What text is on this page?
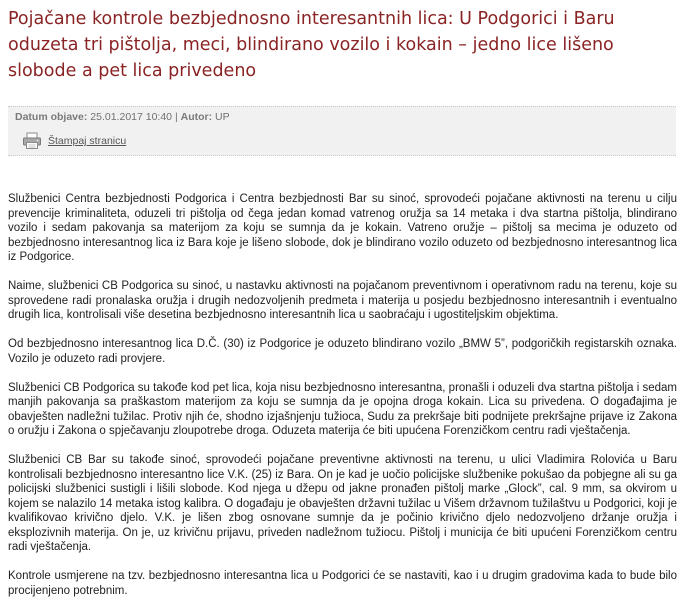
Pojačane kontrole bezbjednosno interesantnih lica: U Podgorici i Baru oduzeta tri pištolja, meci, blindirano vozilo i kokain – jedno lice lišeno slobode a pet lica privedeno
Datum objave: 25.01.2017 10:40 | Autor: UP
Štampaj stranicu

Službenici Centra bezbjednosti Podgorica i Centra bezbjednosti Bar su sinoć, sprovodeći pojačane aktivnosti na terenu u cilju prevencije kriminaliteta, oduzeli tri pištolja od čega jedan komad vatrenog oružja sa 14 metaka i dva startna pištolja, blindirano vozilo i sedam pakovanja sa materijom za koju se sumnja da je kokain. Vatreno oružje – pištolj sa mecima je oduzeto od bezbjednosno interesantnog lica iz Bara koje je lišeno slobode, dok je blindirano vozilo oduzeto od bezbjednosno interesantnog lica iz Podgorice.

Naime, službenici CB Podgorica su sinoć, u nastavku aktivnosti na pojačanom preventivnom i operativnom radu na terenu, koje su sprovedene radi pronalaska oružja i drugih nedozvoljenih predmeta i materija u posjedu bezbjednosno interesantnih i eventualno drugih lica, kontrolisali više desetina bezbjednosno interesantnih lica u saobraćaju i ugostiteljskim objektima.

Od bezbjednosno interesantnog lica D.Č. (30) iz Podgorice je oduzeto blindirano vozilo „BMW 5”, podgoričkih registarskih oznaka. Vozilo je oduzeto radi provjere.

Službenici CB Podgorica su takođe kod pet lica, koja nisu bezbjednosno interesantna, pronašli i oduzeli dva startna pištolja i sedam manjih pakovanja sa praškastom materijom za koju se sumnja da je opojna droga kokain. Lica su privedena. O događajima je obavješten nadležni tužilac. Protiv njih će, shodno izjašnjenju tužioca, Sudu za prekršaje biti podnijete prekršajne prijave iz Zakona o oružju i Zakona o spječavanju zloupotrebe droga. Oduzeta materija će biti upućena Forenzičkom centru radi vještačenja.

Službenici CB Bar su takođe sinoć, sprovodeći pojačane preventivne aktivnosti na terenu, u ulici Vladimira Rolovića u Baru kontrolisali bezbjednosno interesantno lice V.K. (25) iz Bara. On je kad je uočio policijske službenike pokušao da pobjegne ali su ga policijski službenici sustigli i lišili slobode. Kod njega u džepu od jakne pronađen pištolj marke „Glock”, cal. 9 mm, sa okvirom u kojem se nalazilo 14 metaka istog kalibra. O događaju je obavješten državni tužilac u Višem državnom tužilaštvu u Podgorici, koji je kvalifikovao krivično djelo. V.K. je lišen zbog osnovane sumnje da je počinio krivično djelo nedozvoljeno držanje oružja i eksplozivnih materija. On je, uz krivičnu prijavu, priveden nadležnom tužiocu. Pištolj i municija će biti upućeni Forenzičkom centru radi vještačenja.

Kontrole usmjerene na tzv. bezbjednosno interesantna lica u Podgorici će se nastaviti, kao i u drugim gradovima kada to bude bilo procijenjeno potrebnim.
